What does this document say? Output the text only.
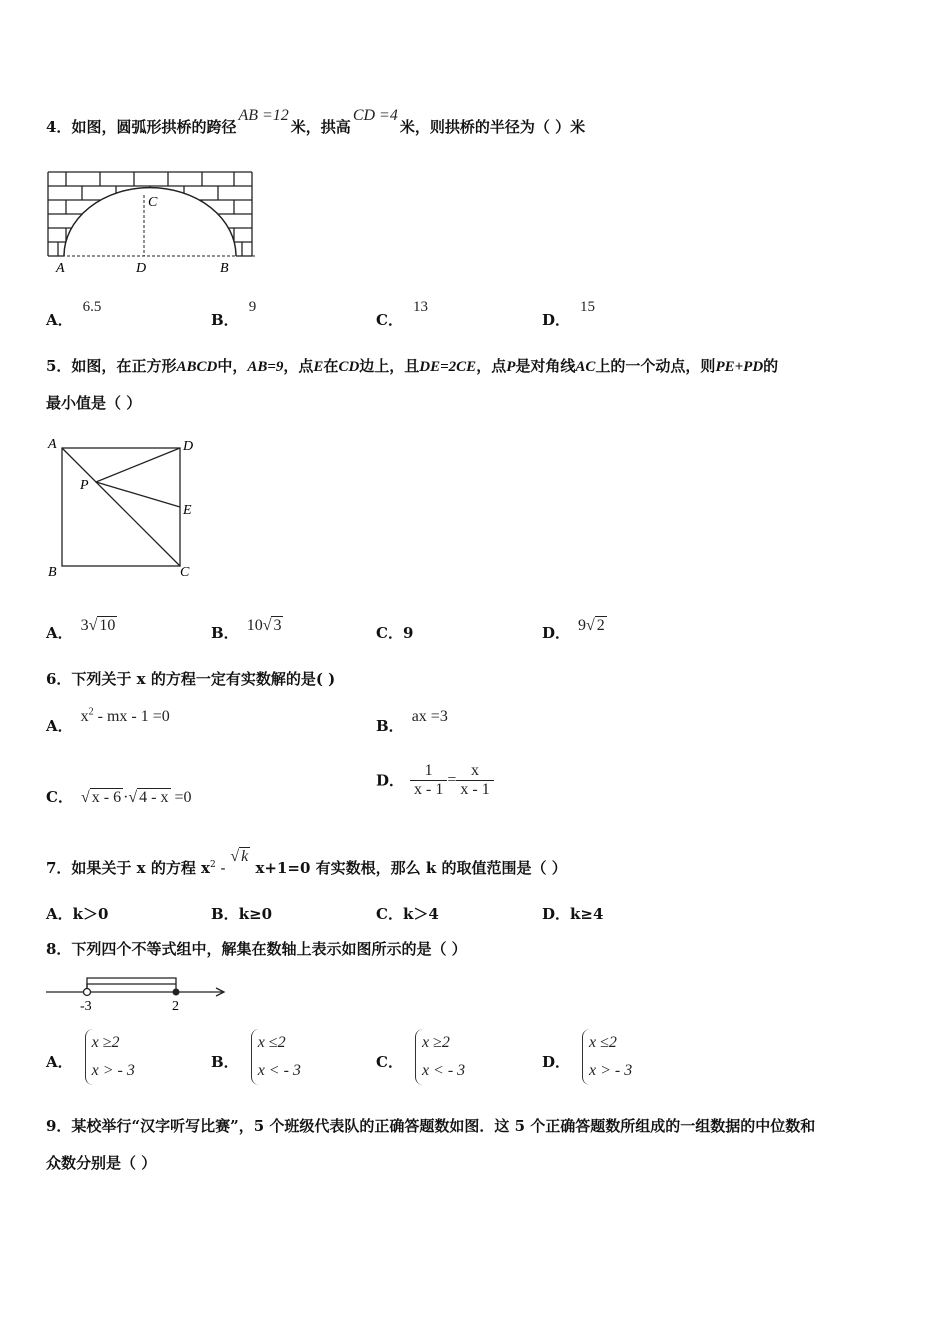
4．如图，圆弧形拱桥的跨径AB =12米，拱高CD =4米，则拱桥的半径为（ ）米
C
A	D	B
A．6.5
B．9
C．13
D．15
5．如图，在正方形ABCD中，AB=9，点E在CD边上，且DE=2CE，点P是对角线AC上的一个动点，则PE+PD的
最小值是（ ）
A	D
P
E
B	C
A． 3√ 10	B． 10√ 3	C．9	D． 9√ 2
6．下列关于 x 的方程一定有实数解的是( )
A．$x^2$ - mx - 1 =0
B．ax =3
C． √ x - 6 ·√ 4 - x =0
D． $\frac{1}{x - 1} = \frac{x}{x - 1}$
7．如果关于 x 的方程 $x^2$ - √ k x+1=0 有实数根，那么 k 的取值范围是（ ）
A．k＞0	B．k≥0	C．k＞4	D．k≥4
8．下列四个不等式组中，解集在数轴上表示如图所示的是（ ）
-3	2
A．x ≥2
x > - 3	B．x ≤2
x < - 3	C．x ≥2
x < - 3	D．x ≤2
x > - 3
9．某校举行“汉字听写比赛”，5 个班级代表队的正确答题数如图．这 5 个正确答题数所组成的一组数据的中位数和
众数分别是（ ）
